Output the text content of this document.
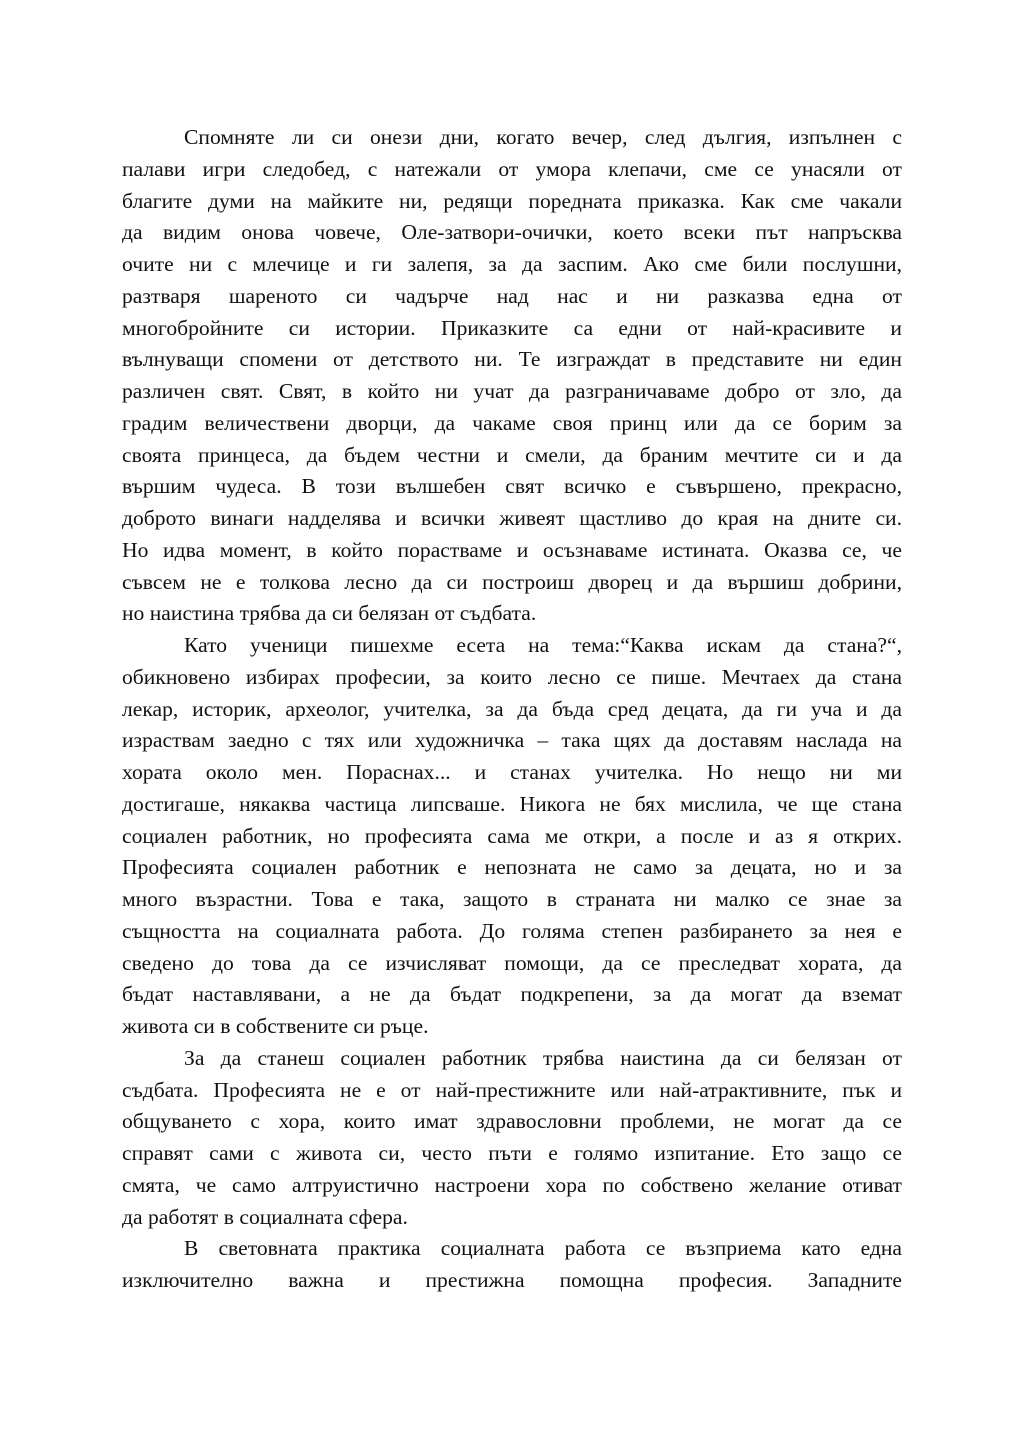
Спомняте ли си онези дни, когато вечер, след дългия, изпълнен с
палави игри следобед, с натежали от умора клепачи, сме се унасяли от
благите думи на майките ни, редящи поредната приказка. Как сме чакали
да видим онова човече, Оле-затвори-очички, което всеки път напръсква
очите ни с млечице и ги залепя, за да заспим. Ако сме били послушни,
разтваря шареното си чадърче над нас и ни разказва една от
многобройните си истории. Приказките са едни от най-красивите и
вълнуващи спомени от детството ни. Те изграждат в представите ни един
различен свят. Свят, в който ни учат да разграничаваме добро от зло, да
градим величествени дворци, да чакаме своя принц или да се борим за
своята принцеса, да бъдем честни и смели, да браним мечтите си и да
вършим чудеса. В този вълшебен свят всичко е съвършено, прекрасно,
доброто винаги надделява и всички живеят щастливо до края на дните си.
Но идва момент, в който порастваме и осъзнаваме истината. Оказва се, че
съвсем не е толкова лесно да си построиш дворец и да вършиш добрини,
но наистина трябва да си белязан от съдбата.

Като ученици пишехме есета на тема:“Каква искам да стана?“,
обикновено избирах професии, за които лесно се пише. Мечтаех да стана
лекар, историк, археолог, учителка, за да бъда сред децата, да ги уча и да
израствам заедно с тях или художничка – така щях да доставям наслада на
хората около мен. Пораснах... и станах учителка. Но нещо ни ми
достигаше, някаква частица липсваше. Никога не бях мислила, че ще стана
социален работник, но професията сама ме откри, а после и аз я открих.
Професията социален работник е непозната не само за децата, но и за
много възрастни. Това е така, защото в страната ни малко се знае за
същността на социалната работа. До голяма степен разбирането за нея е
сведено до това да се изчисляват помощи, да се преследват хората, да
бъдат наставлявани, а не да бъдат подкрепени, за да могат да вземат
живота си в собствените си ръце.

За да станеш социален работник трябва наистина да си белязан от
съдбата. Професията не е от най-престижните или най-атрактивните, пък и
общуването с хора, които имат здравословни проблеми, не могат да се
справят сами с живота си, често пъти е голямо изпитание. Ето защо се
смята, че само алтруистично настроени хора по собствено желание отиват
да работят в социалната сфера.

В световната практика социалната работа се възприема като една
изключително важна и престижна помощна професия. Западните
